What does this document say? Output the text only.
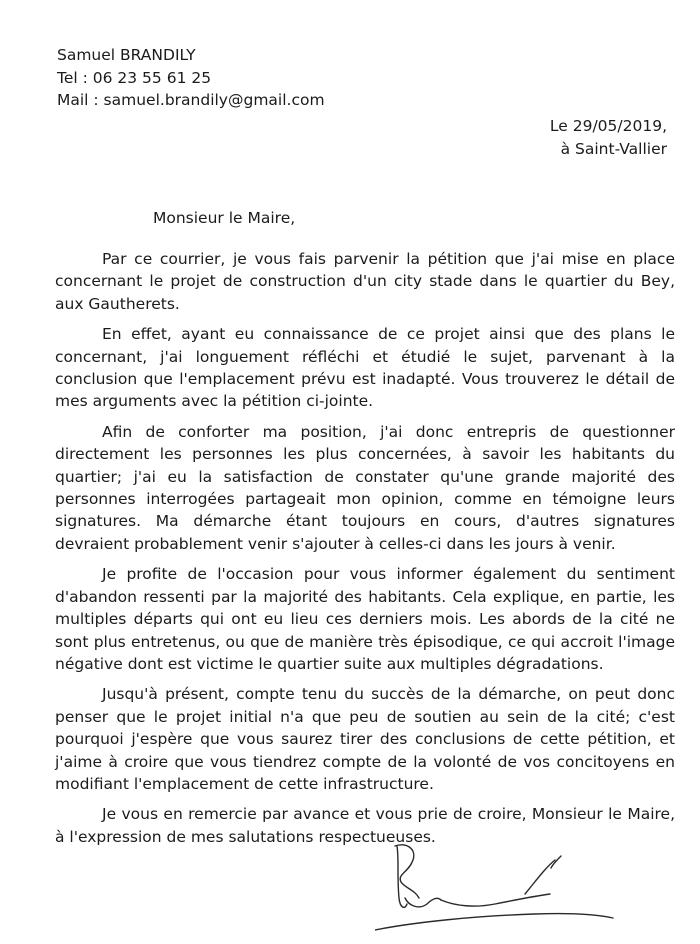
Samuel BRANDILY
Tel : 06 23 55 61 25
Mail : samuel.brandily@gmail.com
Le 29/05/2019,
à Saint-Vallier
Monsieur le Maire,

Par ce courrier, je vous fais parvenir la pétition que j'ai mise en place concernant le projet de construction d'un city stade dans le quartier du Bey, aux Gautherets.

En effet, ayant eu connaissance de ce projet ainsi que des plans le concernant, j'ai longuement réfléchi et étudié le sujet, parvenant à la conclusion que l'emplacement prévu est inadapté. Vous trouverez le détail de mes arguments avec la pétition ci-jointe.

Afin de conforter ma position, j'ai donc entrepris de questionner directement les personnes les plus concernées, à savoir les habitants du quartier; j'ai eu la satisfaction de constater qu'une grande majorité des personnes interrogées partageait mon opinion, comme en témoigne leurs signatures. Ma démarche étant toujours en cours, d'autres signatures devraient probablement venir s'ajouter à celles-ci dans les jours à venir.

Je profite de l'occasion pour vous informer également du sentiment d'abandon ressenti par la majorité des habitants. Cela explique, en partie, les multiples départs qui ont eu lieu ces derniers mois. Les abords de la cité ne sont plus entretenus, ou que de manière très épisodique, ce qui accroit l'image négative dont est victime le quartier suite aux multiples dégradations.

Jusqu'à présent, compte tenu du succès de la démarche, on peut donc penser que le projet initial n'a que peu de soutien au sein de la cité; c'est pourquoi j'espère que vous saurez tirer des conclusions de cette pétition, et j'aime à croire que vous tiendrez compte de la volonté de vos concitoyens en modifiant l'emplacement de cette infrastructure.

Je vous en remercie par avance et vous prie de croire, Monsieur le Maire, à l'expression de mes salutations respectueuses.
